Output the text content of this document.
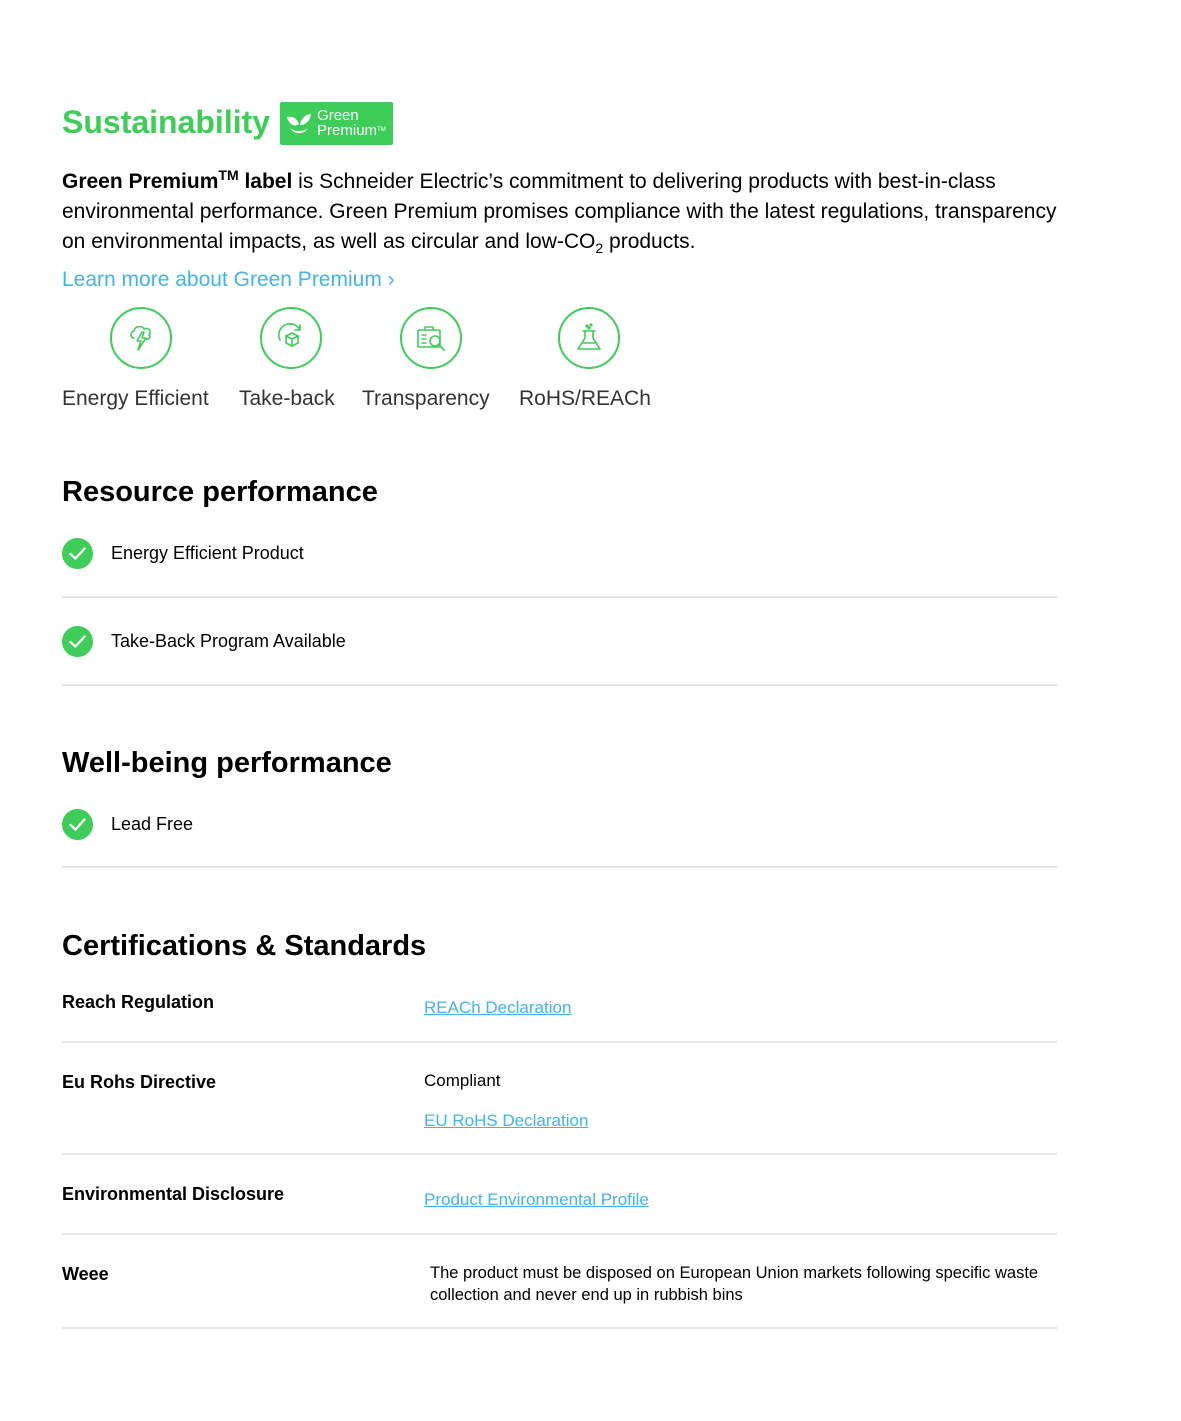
Sustainability	Green
Premium™

Green Premium™ label is Schneider Electric’s commitment to delivering products with best-in-class environmental performance. Green Premium promises compliance with the latest regulations, transparency on environmental impacts, as well as circular and low-$CO_2$ products.

Learn more about Green Premium ›
Energy Efficient Take-back Transparency RoHS/REACh
Resource performance
Energy Efficient Product
Take-Back Program Available
Well-being performance
Lead Free
Certifications & Standards
Reach Regulation	REACh Declaration
Eu Rohs Directive	Compliant
EU RoHS Declaration
Environmental Disclosure	Product Environmental Profile
Weee	The product must be disposed on European Union markets following specific waste collection and never end up in rubbish bins
